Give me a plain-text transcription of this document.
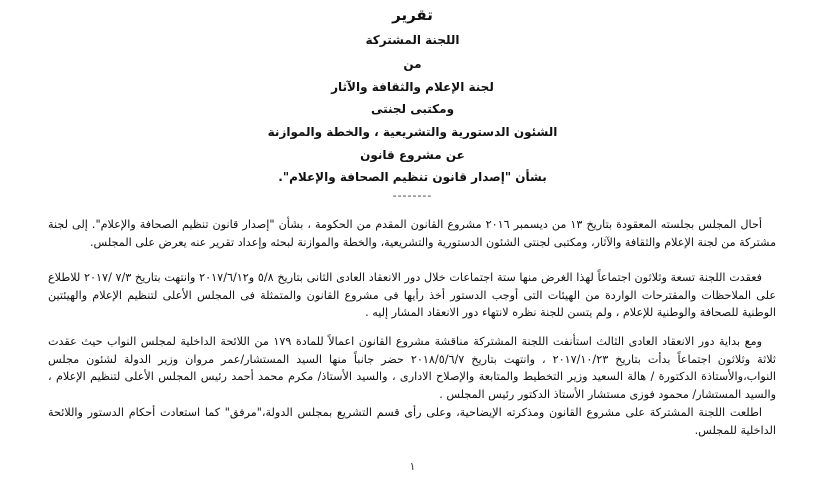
تقرير
اللجنة المشتركة
من
لجنة الإعلام والثقافة والآثار
ومكتبى لجنتى
الشئون الدستورية والتشريعية ، والخطة والموازنة
عن مشروع قانون
بشأن "إصدار قانون تنظيم الصحافة والإعلام".
--------

أحال المجلس بجلسته المعقودة بتاريخ ١٣ من ديسمبر ٢٠١٦ مشروع القانون المقدم من الحكومة ، بشأن "إصدار قانون تنظيم الصحافة والإعلام". إلى لجنة مشتركة من لجنة الإعلام والثقافة والآثار، ومكتبى لجنتى الشئون الدستورية والتشريعية، والخطة والموازنة لبحثه وإعداد تقرير عنه يعرض على المجلس.

فعقدت اللجنة تسعة وثلاثون اجتماعاً لهذا الغرض منها ستة اجتماعات خلال دور الانعقاد العادى الثانى بتاريخ ٥/٨ و٢٠١٧/٦/١٢ وانتهت بتاريخ ٧/٣ /٢٠١٧ للاطلاع على الملاحظات والمقترحات الواردة من الهيئات التى أوجب الدستور أخذ رأيها فى مشروع القانون والمتمثلة فى المجلس الأعلى لتنظيم الإعلام والهيئتين الوطنية للصحافة والوطنية للإعلام ، ولم يتسن للجنة نظره لانتهاء دور الانعقاد المشار إليه .

ومع بداية دور الانعقاد العادى الثالث استأنفت اللجنة المشتركة مناقشة مشروع القانون اعمالاً للمادة ١٧٩ من اللائحة الداخلية لمجلس النواب حيث عقدت ثلاثة وثلاثون اجتماعاً بدأت بتاريخ ٢٠١٧/١٠/٢٣ ، وانتهت بتاريخ ٢٠١٨/٥/٦/٧ حضر جانباً منها السيد المستشار/عمر مروان وزير الدولة لشئون مجلس النواب،والأستاذة الدكتورة / هالة السعيد وزير التخطيط والمتابعة والإصلاح الادارى ، والسيد الأستاذ/ مكرم محمد أحمد رئيس المجلس الأعلى لتنظيم الإعلام ، والسيد المستشار/ محمود فوزى مستشار الأستاذ الدكتور رئيس المجلس .

اطلعت اللجنة المشتركة على مشروع القانون ومذكرته الإيضاحية، وعلى رأى قسم التشريع بمجلس الدولة،"مرفق" كما استعادت أحكام الدستور واللائحة الداخلية للمجلس.

١
